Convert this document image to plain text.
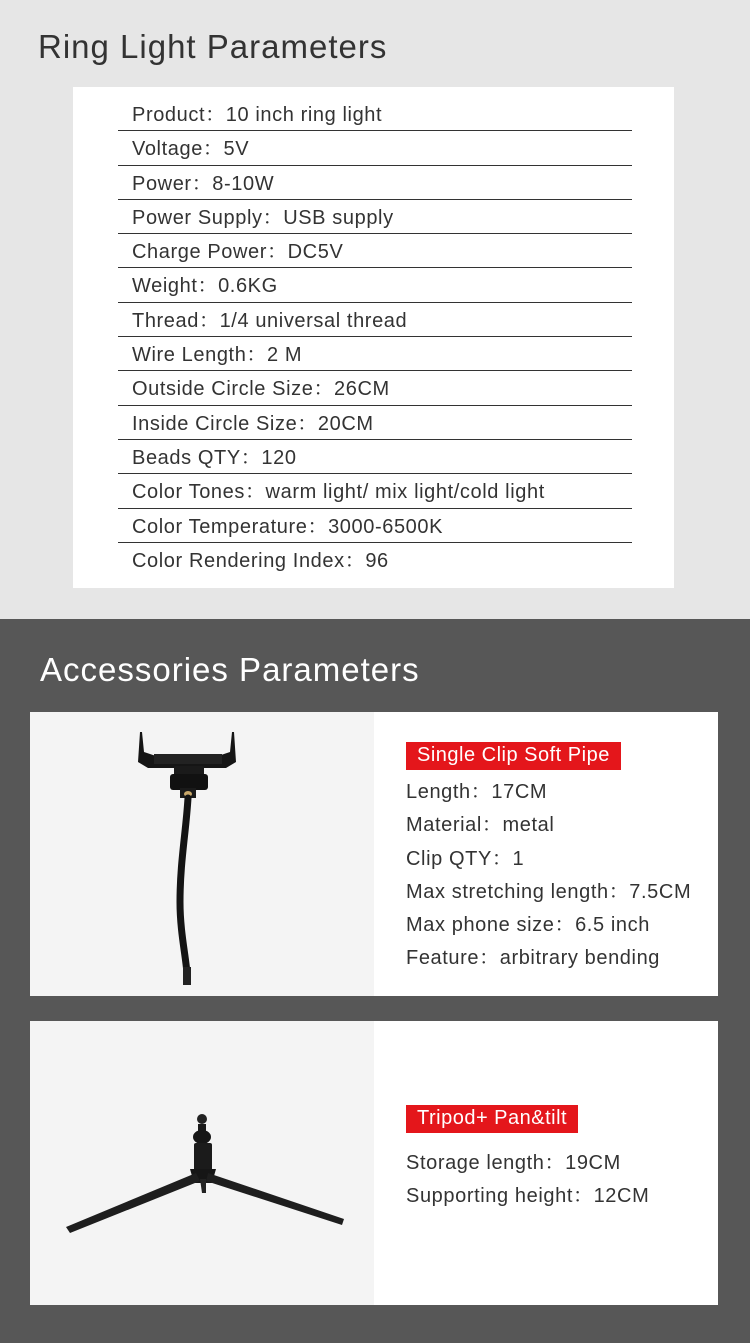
Ring Light Parameters
Product：10 inch ring light
Voltage：5V
Power：8-10W
Power Supply：USB supply
Charge Power：DC5V
Weight：0.6KG
Thread：1/4 universal thread
Wire Length：2 M
Outside Circle Size：26CM
Inside Circle Size：20CM
Beads QTY：120
Color Tones：warm light/ mix light/cold light
Color Temperature：3000-6500K
Color Rendering Index：96
Accessories Parameters
Single Clip Soft Pipe
Length：17CM
Material：metal
Clip QTY：1
Max stretching length：7.5CM
Max phone size：6.5 inch
Feature：arbitrary bending
Tripod+ Pan&tilt
Storage length：19CM
Supporting height：12CM
